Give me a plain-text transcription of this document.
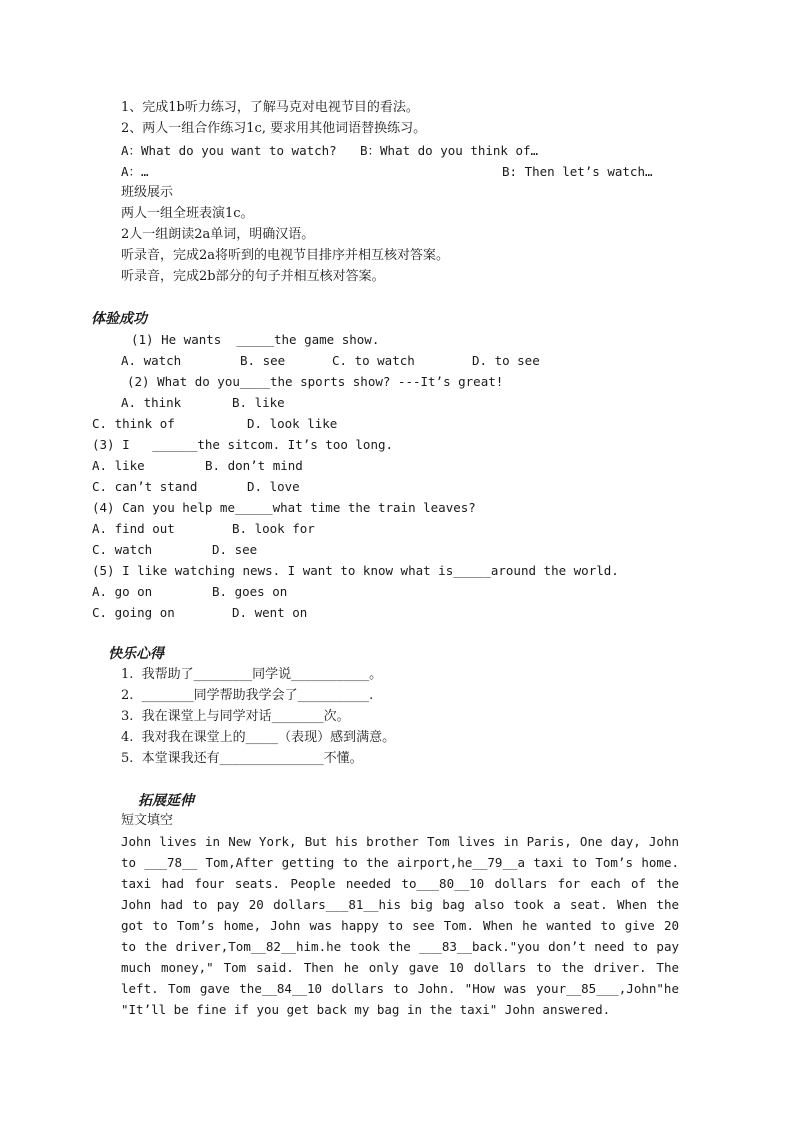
1、完成1b听力练习，了解马克对电视节目的看法。
2、两人一组合作练习1c, 要求用其他词语替换练习。
A：What do you want to watch? B：What do you think of…
A：…	B: Then let’s watch…
班级展示
两人一组全班表演1c。
2人一组朗读2a单词，明确汉语。
听录音，完成2a将听到的电视节目排序并相互核对答案。
听录音，完成2b部分的句子并相互核对答案。
体验成功
(1) He wants  _____the game show.
A. watch	B. see	C. to watch	D. to see
(2) What do you____the sports show? ---It’s great!
A. think	B. like
C. think of	D. look like
(3) I   ______the sitcom. It’s too long.
A. like	B. don’t mind
C. can’t stand	D. love
(4) Can you help me_____what time the train leaves?
A. find out	B. look for
C. watch	D. see
(5) I like watching news. I want to know what is_____around the world.
A. go on	B. goes on
C. going on	D. went on
快乐心得
1.  我帮助了_________同学说____________。
2.  ________同学帮助我学会了___________.
3.  我在课堂上与同学对话________次。
4.  我对我在课堂上的_____（表现）感到满意。
5.  本堂课我还有________________不懂。
拓展延伸
短文填空
John lives in New York, But his brother Tom lives in Paris, One day, John
to ___78__ Tom,After getting to the airport,he__79__a taxi to Tom’s home.
taxi had four seats. People needed to___80__10 dollars for each of the
John had to pay 20 dollars___81__his big bag also took a seat. When the
got to Tom’s home, John was happy to see Tom. When he wanted to give 20
to the driver,Tom__82__him.he took the ___83__back."you don’t need to pay
much money," Tom said. Then he only gave 10 dollars to the driver. The
left. Tom gave the__84__10 dollars to John. "How was your__85___,John"he
"It’ll be fine if you get back my bag in the taxi" John answered.
